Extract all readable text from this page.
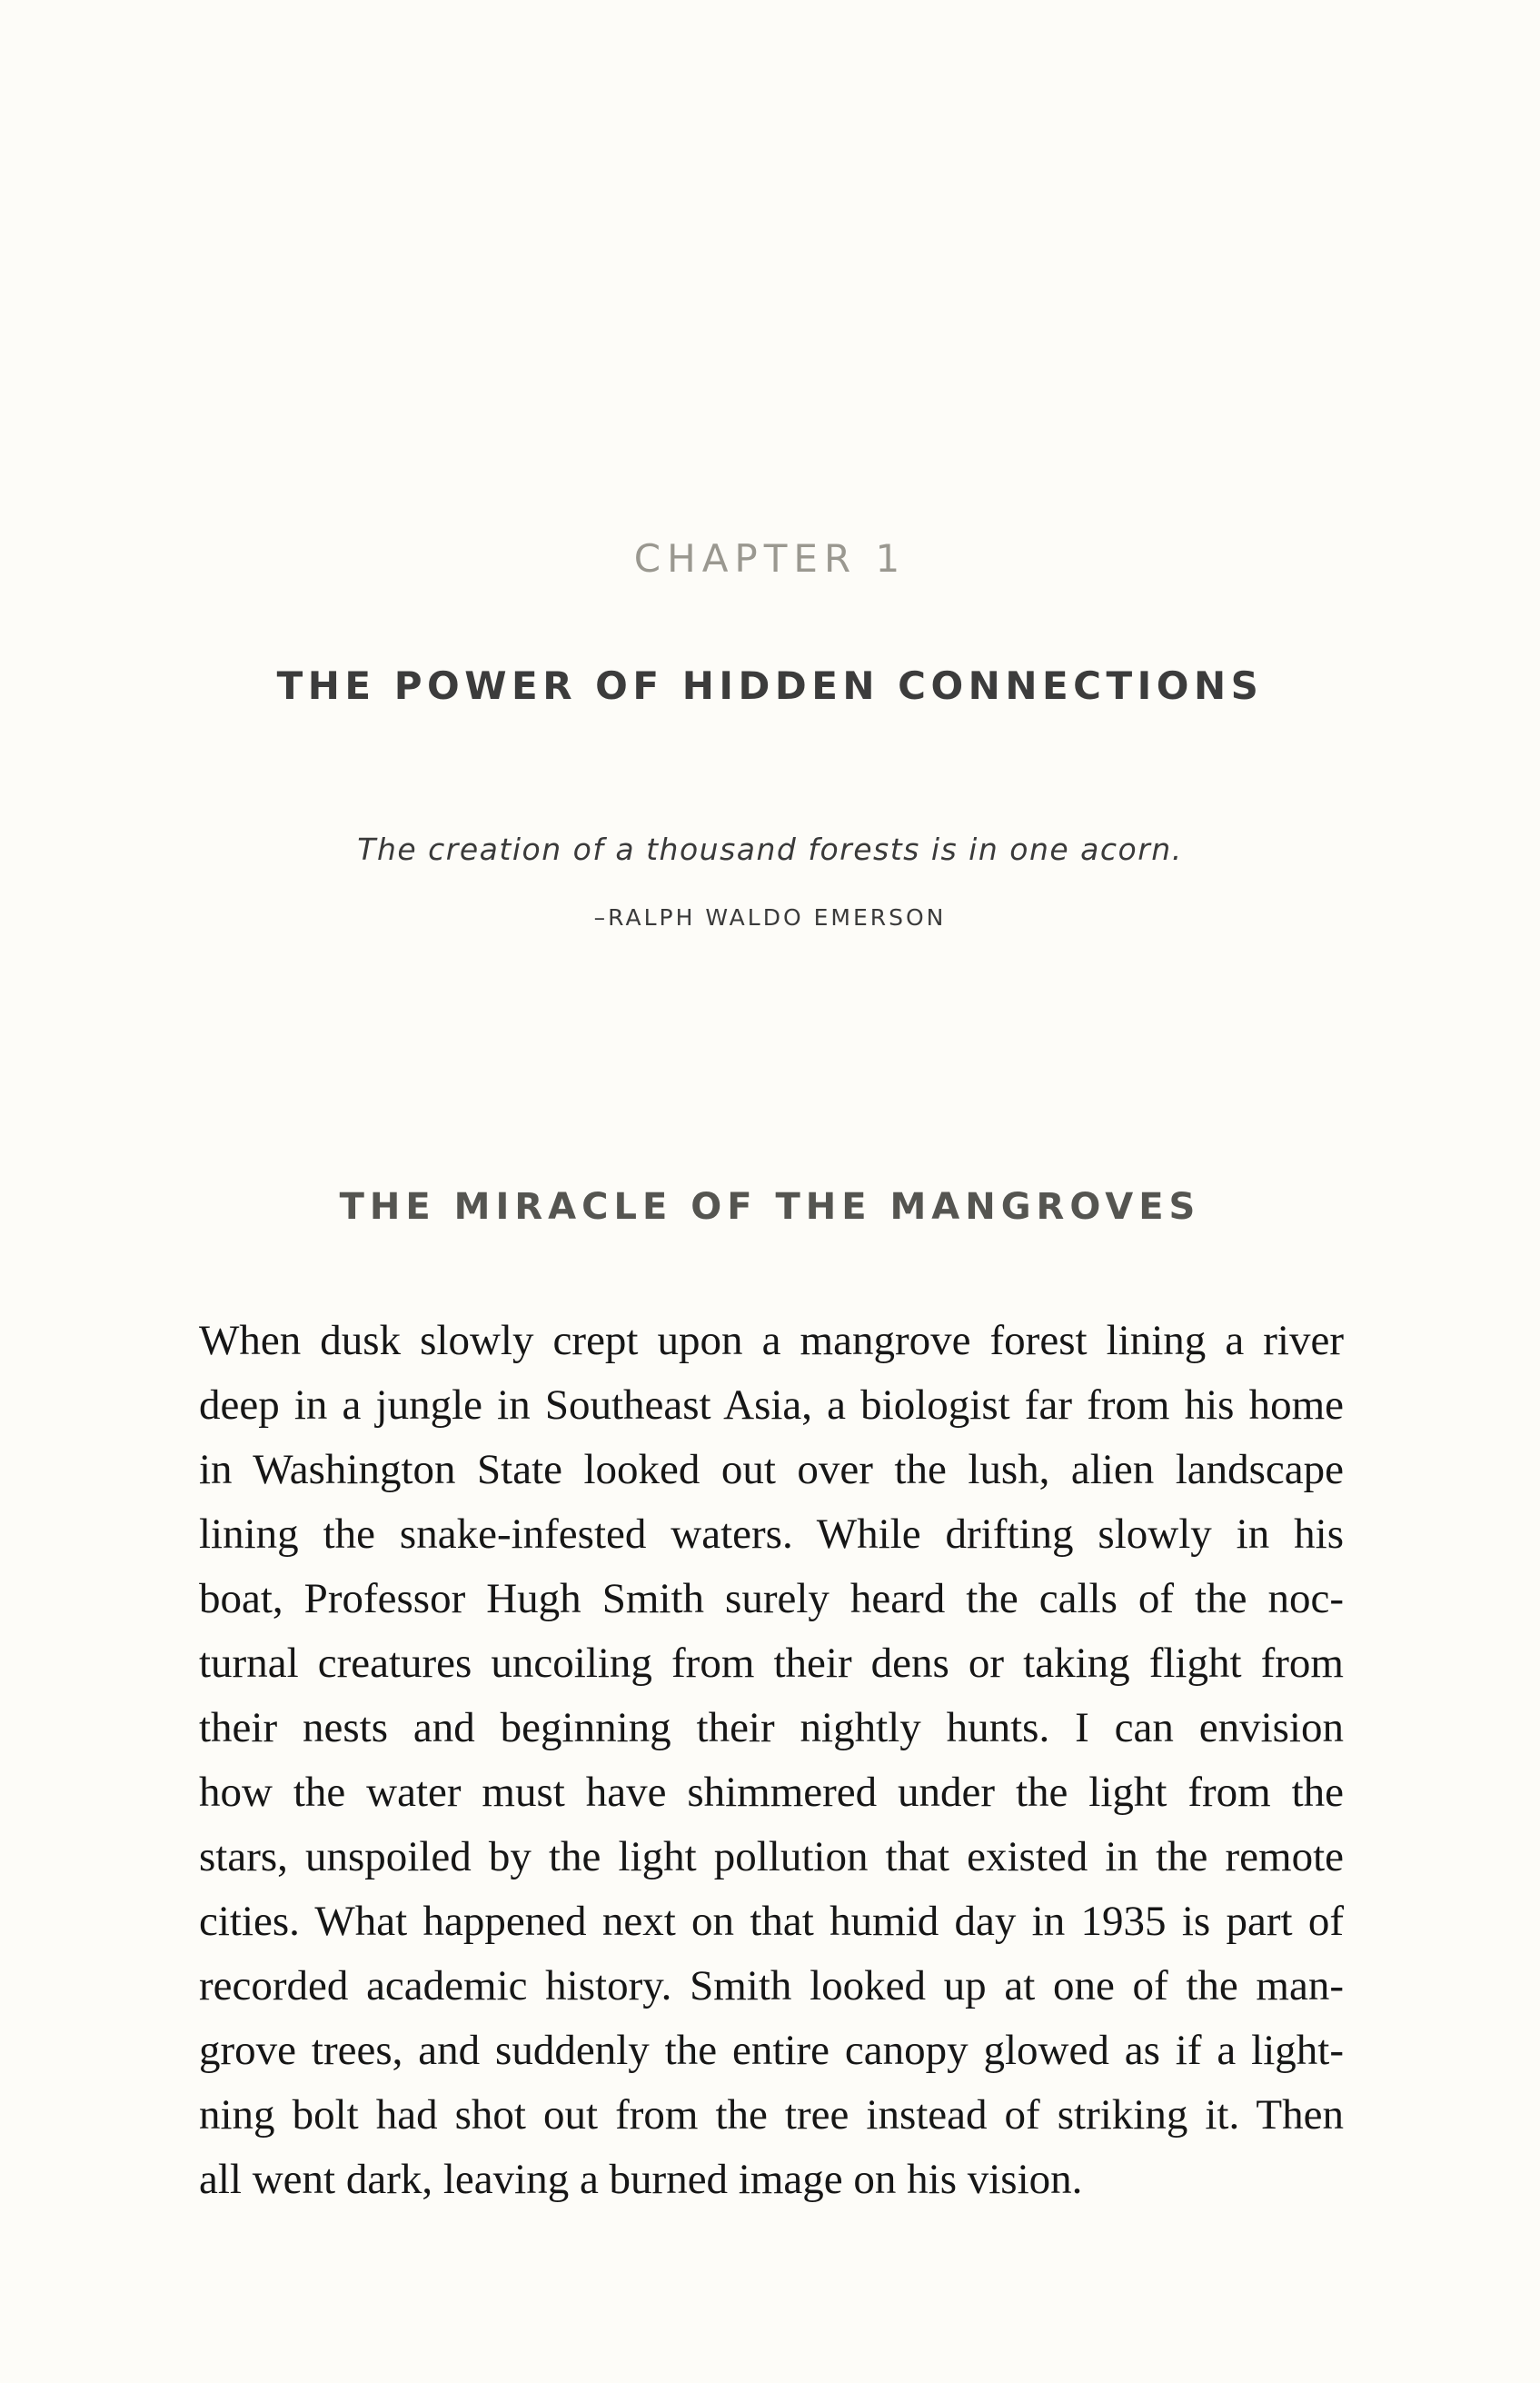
CHAPTER 1
THE POWER OF HIDDEN CONNECTIONS
The creation of a thousand forests is in one acorn.
–RALPH WALDO EMERSON
THE MIRACLE OF THE MANGROVES
When dusk slowly crept upon a mangrove forest lining a river
deep in a jungle in Southeast Asia, a biologist far from his home
in Washington State looked out over the lush, alien landscape
lining the snake-infested waters. While drifting slowly in his
boat, Professor Hugh Smith surely heard the calls of the noc-
turnal creatures uncoiling from their dens or taking flight from
their nests and beginning their nightly hunts. I can envision
how the water must have shimmered under the light from the
stars, unspoiled by the light pollution that existed in the remote
cities. What happened next on that humid day in 1935 is part of
recorded academic history. Smith looked up at one of the man-
grove trees, and suddenly the entire canopy glowed as if a light-
ning bolt had shot out from the tree instead of striking it. Then
all went dark, leaving a burned image on his vision.
